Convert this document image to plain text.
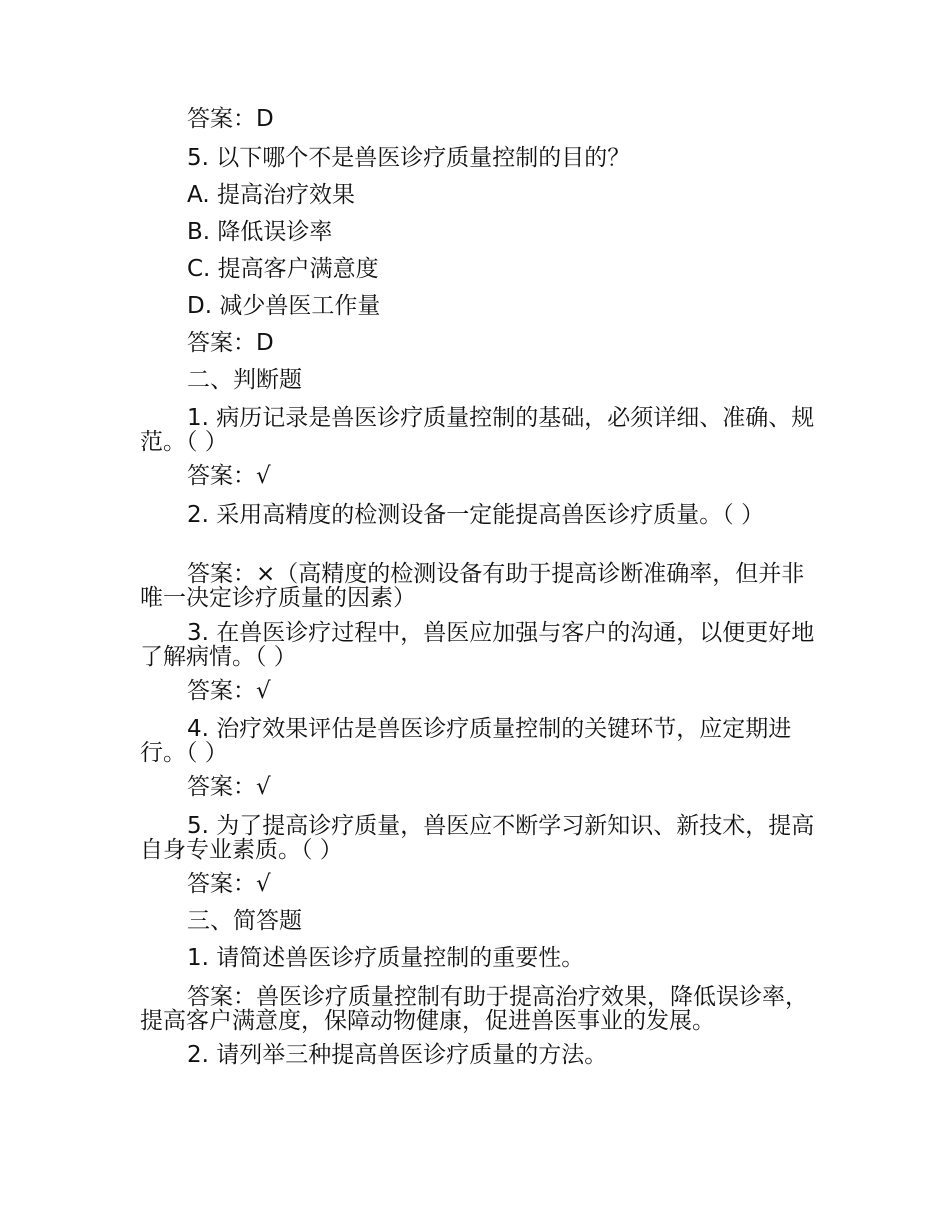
答案：D
5. 以下哪个不是兽医诊疗质量控制的目的？
A. 提高治疗效果
B. 降低误诊率
C. 提高客户满意度
D. 减少兽医工作量
答案：D
二、判断题
1. 病历记录是兽医诊疗质量控制的基础，必须详细、准确、规范。（ ）
答案：√
2. 采用高精度的检测设备一定能提高兽医诊疗质量。（ ）
答案：×（高精度的检测设备有助于提高诊断准确率，但并非唯一决定诊疗质量的因素）
3. 在兽医诊疗过程中，兽医应加强与客户的沟通，以便更好地了解病情。（ ）
答案：√
4. 治疗效果评估是兽医诊疗质量控制的关键环节，应定期进行。（ ）
答案：√
5. 为了提高诊疗质量，兽医应不断学习新知识、新技术，提高自身专业素质。（ ）
答案：√
三、简答题
1. 请简述兽医诊疗质量控制的重要性。
答案：兽医诊疗质量控制有助于提高治疗效果，降低误诊率，提高客户满意度，保障动物健康，促进兽医事业的发展。
2. 请列举三种提高兽医诊疗质量的方法。
